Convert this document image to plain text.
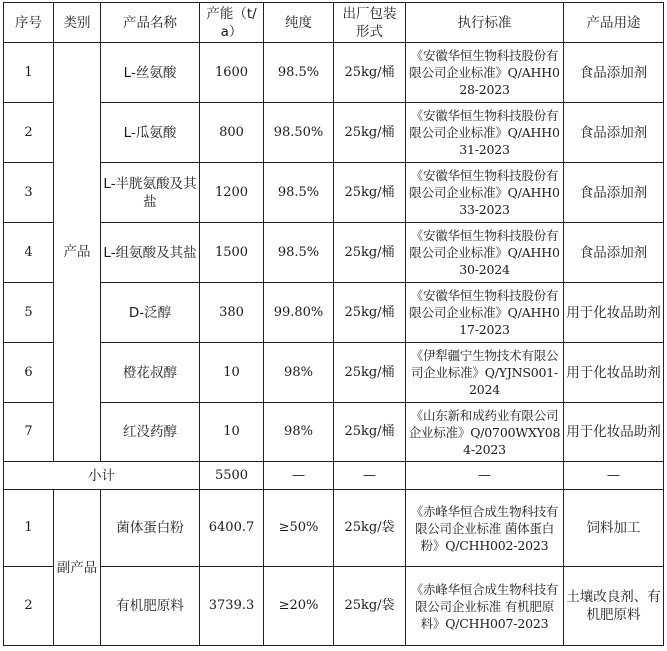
序号	类别	产品名称	产能（t/a）	纯度	出厂包装形式	执行标准	产品用途
1	产品	L-丝氨酸	1600	98.5%	25kg/桶	《安徽华恒生物科技股份有限公司企业标准》Q/AHH028-2023	食品添加剂
2		L-瓜氨酸	800	98.50%	25kg/桶	《安徽华恒生物科技股份有限公司企业标准》Q/AHH031-2023	食品添加剂
3		L-半胱氨酸及其盐	1200	98.5%	25kg/桶	《安徽华恒生物科技股份有限公司企业标准》Q/AHH033-2023	食品添加剂
4		L-组氨酸及其盐	1500	98.5%	25kg/桶	《安徽华恒生物科技股份有限公司企业标准》Q/AHH030-2024	食品添加剂
5		D-泛醇	380	99.80%	25kg/桶	《安徽华恒生物科技股份有限公司企业标准》Q/AHH017-2023	用于化妆品助剂
6		橙花叔醇	10	98%	25kg/桶	《伊犁疆宁生物技术有限公司企业标准》Q/YJNS001-2024	用于化妆品助剂
7		红没药醇	10	98%	25kg/桶	《山东新和成药业有限公司企业标准》Q/0700WXY084-2023	用于化妆品助剂
小计			5500	—	—	—	—
1	副产品	菌体蛋白粉	6400.7	≥50%	25kg/袋	《赤峰华恒合成生物科技有限公司企业标准 菌体蛋白粉》Q/CHH002-2023	饲料加工
2		有机肥原料	3739.3	≥20%	25kg/袋	《赤峰华恒合成生物科技有限公司企业标准 有机肥原料》Q/CHH007-2023	土壤改良剂、有机肥原料
